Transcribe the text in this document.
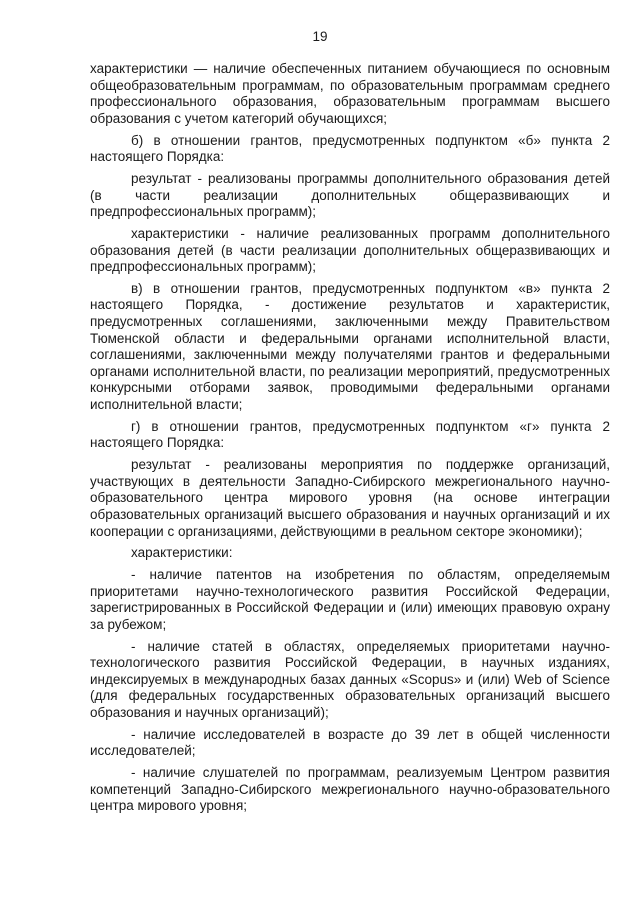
19

характеристики — наличие обеспеченных питанием обучающиеся по основным общеобразовательным программам, по образовательным программам среднего профессионального образования, образовательным программам высшего образования с учетом категорий обучающихся;

б) в отношении грантов, предусмотренных подпунктом «б» пункта 2 настоящего Порядка:

результат - реализованы программы дополнительного образования детей (в части реализации дополнительных общеразвивающих и предпрофессиональных программ);

характеристики - наличие реализованных программ дополнительного образования детей (в части реализации дополнительных общеразвивающих и предпрофессиональных программ);

в) в отношении грантов, предусмотренных подпунктом «в» пункта 2 настоящего Порядка, - достижение результатов и характеристик, предусмотренных соглашениями, заключенными между Правительством Тюменской области и федеральными органами исполнительной власти, соглашениями, заключенными между получателями грантов и федеральными органами исполнительной власти, по реализации мероприятий, предусмотренных конкурсными отборами заявок, проводимыми федеральными органами исполнительной власти;

г) в отношении грантов, предусмотренных подпунктом «г» пункта 2 настоящего Порядка:

результат - реализованы мероприятия по поддержке организаций, участвующих в деятельности Западно-Сибирского межрегионального научно-образовательного центра мирового уровня (на основе интеграции образовательных организаций высшего образования и научных организаций и их кооперации с организациями, действующими в реальном секторе экономики);

характеристики:

- наличие патентов на изобретения по областям, определяемым приоритетами научно-технологического развития Российской Федерации, зарегистрированных в Российской Федерации и (или) имеющих правовую охрану за рубежом;

- наличие статей в областях, определяемых приоритетами научно-технологического развития Российской Федерации, в научных изданиях, индексируемых в международных базах данных «Scopus» и (или) Web of Science (для федеральных государственных образовательных организаций высшего образования и научных организаций);

- наличие исследователей в возрасте до 39 лет в общей численности исследователей;

- наличие слушателей по программам, реализуемым Центром развития компетенций Западно-Сибирского межрегионального научно-образовательного центра мирового уровня;
